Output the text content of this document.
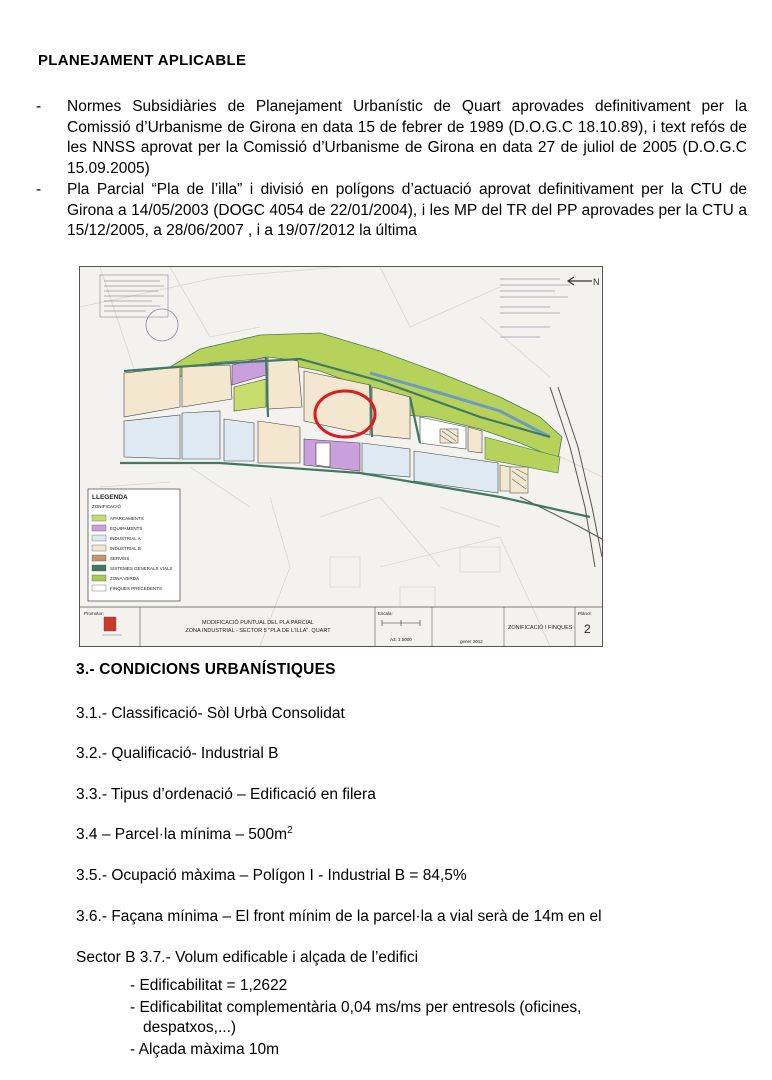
PLANEJAMENT APLICABLE
- Normes Subsidiàries de Planejament Urbanístic de Quart aprovades definitivament per la Comissió d’Urbanisme de Girona en data 15 de febrer de 1989 (D.O.G.C 18.10.89), i text refós de les NNSS aprovat per la Comissió d’Urbanisme de Girona en data 27 de juliol de 2005 (D.O.G.C 15.09.2005)
- Pla Parcial “Pla de l’illa” i divisió en polígons d’actuació aprovat definitivament per la CTU de Girona a 14/05/2003 (DOGC 4054 de 22/01/2004), i les MP del TR del PP aprovades per la CTU a 15/12/2005, a 28/06/2007 , i a 19/07/2012 la última
N
LLEGENDA
ZONIFICACIÓ
APARCAMENTS
EQUIPAMENTS
INDUSTRIAL A
INDUSTRIAL B
SERVEIS
SISTEMES GENERALS VIALS
ZONA VERDA
FINQUES PRECEDENTS
Promotor:
MODIFICACIÓ PUNTUAL DEL PLA PARCIAL
ZONA INDUSTRIAL - SECTOR 5 "PLA DE L'ILLA". QUART
Escala:
A3: 1:5000	gener 2012
ZONIFICACIÓ I FINQUES
Plànol:
2
3.- CONDICIONS URBANÍSTIQUES
3.1.- Classificació- Sòl Urbà Consolidat
3.2.- Qualificació- Industrial B
3.3.- Tipus d’ordenació – Edificació en filera
3.4 – Parcel·la mínima – $500m^2$
3.5.- Ocupació màxima – Polígon I - Industrial B = 84,5%
3.6.- Façana mínima – El front mínim de la parcel·la a vial serà de 14m en el
Sector B 3.7.- Volum edificable i alçada de l’edifici
- Edificabilitat = 1,2622
- Edificabilitat complementària 0,04 ms/ms per entresols (oficines,
despatxos,...)
- Alçada màxima 10m
